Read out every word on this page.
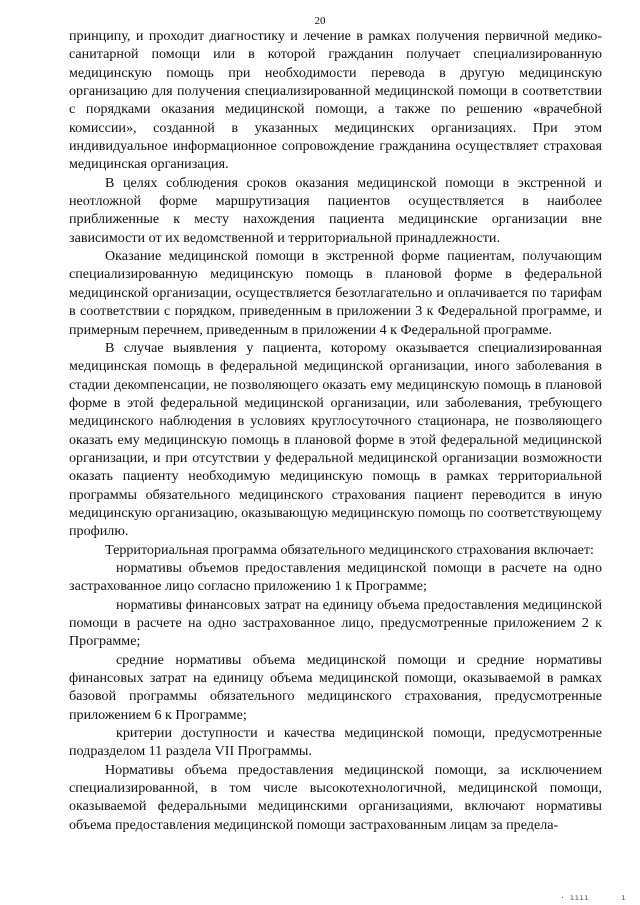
20

принципу, и проходит диагностику и лечение в рамках получения первичной медико-санитарной помощи или в которой гражданин получает специализированную медицинскую помощь при необходимости перевода в другую медицинскую организацию для получения специализированной медицинской помощи в соответствии с порядками оказания медицинской помощи, а также по решению «врачебной комиссии», созданной в указанных медицинских организациях. При этом индивидуальное информационное сопровождение гражданина осуществляет страховая медицинская организация.

В целях соблюдения сроков оказания медицинской помощи в экстренной и неотложной форме маршрутизация пациентов осуществляется в наиболее приближенные к месту нахождения пациента медицинские организации вне зависимости от их ведомственной и территориальной принадлежности.

Оказание медицинской помощи в экстренной форме пациентам, получающим специализированную медицинскую помощь в плановой форме в федеральной медицинской организации, осуществляется безотлагательно и оплачивается по тарифам в соответствии с порядком, приведенным в приложении 3 к Федеральной программе, и примерным перечнем, приведенным в приложении 4 к Федеральной программе.

В случае выявления у пациента, которому оказывается специализированная медицинская помощь в федеральной медицинской организации, иного заболевания в стадии декомпенсации, не позволяющего оказать ему медицинскую помощь в плановой форме в этой федеральной медицинской организации, или заболевания, требующего медицинского наблюдения в условиях круглосуточного стационара, не позволяющего оказать ему медицинскую помощь в плановой форме в этой федеральной медицинской организации, и при отсутствии у федеральной медицинской организации возможности оказать пациенту необходимую медицинскую помощь в рамках территориальной программы обязательного медицинского страхования пациент переводится в иную медицинскую организацию, оказывающую медицинскую помощь по соответствующему профилю.

Территориальная программа обязательного медицинского страхования включает:

нормативы объемов предоставления медицинской помощи в расчете на одно застрахованное лицо согласно приложению 1 к Программе;

нормативы финансовых затрат на единицу объема предоставления медицинской помощи в расчете на одно застрахованное лицо, предусмотренные приложением 2 к Программе;

средние нормативы объема медицинской помощи и средние нормативы финансовых затрат на единицу объема медицинской помощи, оказываемой в рамках базовой программы обязательного медицинского страхования, предусмотренные приложением 6 к Программе;

критерии доступности и качества медицинской помощи, предусмотренные подразделом 11 раздела VII Программы.

Нормативы объема предоставления медицинской помощи, за исключением специализированной, в том числе высокотехнологичной, медицинской помощи, оказываемой федеральными медицинскими организациями, включают нормативы объема предоставления медицинской помощи застрахованным лицам за предела-

· ıııı	ı
